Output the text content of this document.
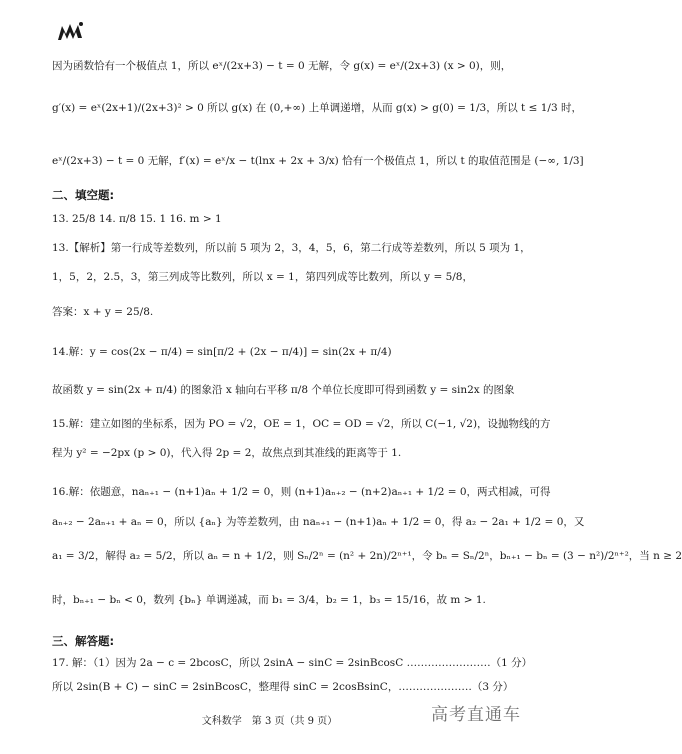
因为函数恰有一个极值点 1，所以 eˣ/(2x+3) − t = 0 无解，令 g(x) = eˣ/(2x+3) (x > 0)，则，
g′(x) = eˣ(2x+1)/(2x+3)² > 0 所以 g(x) 在 (0,+∞) 上单调递增，从而 g(x) > g(0) = 1/3，所以 t ≤ 1/3 时，
eˣ/(2x+3) − t = 0 无解，f′(x) = eˣ/x − t(lnx + 2x + 3/x) 恰有一个极值点 1，所以 t 的取值范围是 (−∞, 1/3]
二、填空题:
13. 25/8 14. π/8 15. 1 16. m > 1
13.【解析】第一行成等差数列，所以前 5 项为 2，3，4，5，6，第二行成等差数列，所以 5 项为 1，
1，5，2，2.5，3，第三列成等比数列，所以 x = 1，第四列成等比数列，所以 y = 5/8，
答案：x + y = 25/8.
14.解：y = cos(2x − π/4) = sin[π/2 + (2x − π/4)] = sin(2x + π/4)
故函数 y = sin(2x + π/4) 的图象沿 x 轴向右平移 π/8 个单位长度即可得到函数 y = sin2x 的图象
15.解：建立如图的坐标系，因为 PO = √2，OE = 1，OC = OD = √2，所以 C(−1, √2)，设抛物线的方
程为 y² = −2px (p > 0)，代入得 2p = 2，故焦点到其准线的距离等于 1.
16.解：依题意，naₙ₊₁ − (n+1)aₙ + 1/2 = 0，则 (n+1)aₙ₊₂ − (n+2)aₙ₊₁ + 1/2 = 0，两式相减，可得
aₙ₊₂ − 2aₙ₊₁ + aₙ = 0，所以 {aₙ} 为等差数列，由 naₙ₊₁ − (n+1)aₙ + 1/2 = 0，得 a₂ − 2a₁ + 1/2 = 0，又
a₁ = 3/2，解得 a₂ = 5/2，所以 aₙ = n + 1/2，则 Sₙ/2ⁿ = (n² + 2n)/2ⁿ⁺¹，令 bₙ = Sₙ/2ⁿ，bₙ₊₁ − bₙ = (3 − n²)/2ⁿ⁺²，当 n ≥ 2
时，bₙ₊₁ − bₙ < 0，数列 {bₙ} 单调递减，而 b₁ = 3/4，b₂ = 1，b₃ = 15/16，故 m > 1.
三、解答题:
17. 解：（1）因为 2a − c = 2bcosC，所以 2sinA − sinC = 2sinBcosC ……………………（1 分）
所以 2sin(B + C) − sinC = 2sinBcosC，整理得 sinC = 2cosBsinC，…………………（3 分）
文科数学　第 3 页（共 9 页）	高考直通车
